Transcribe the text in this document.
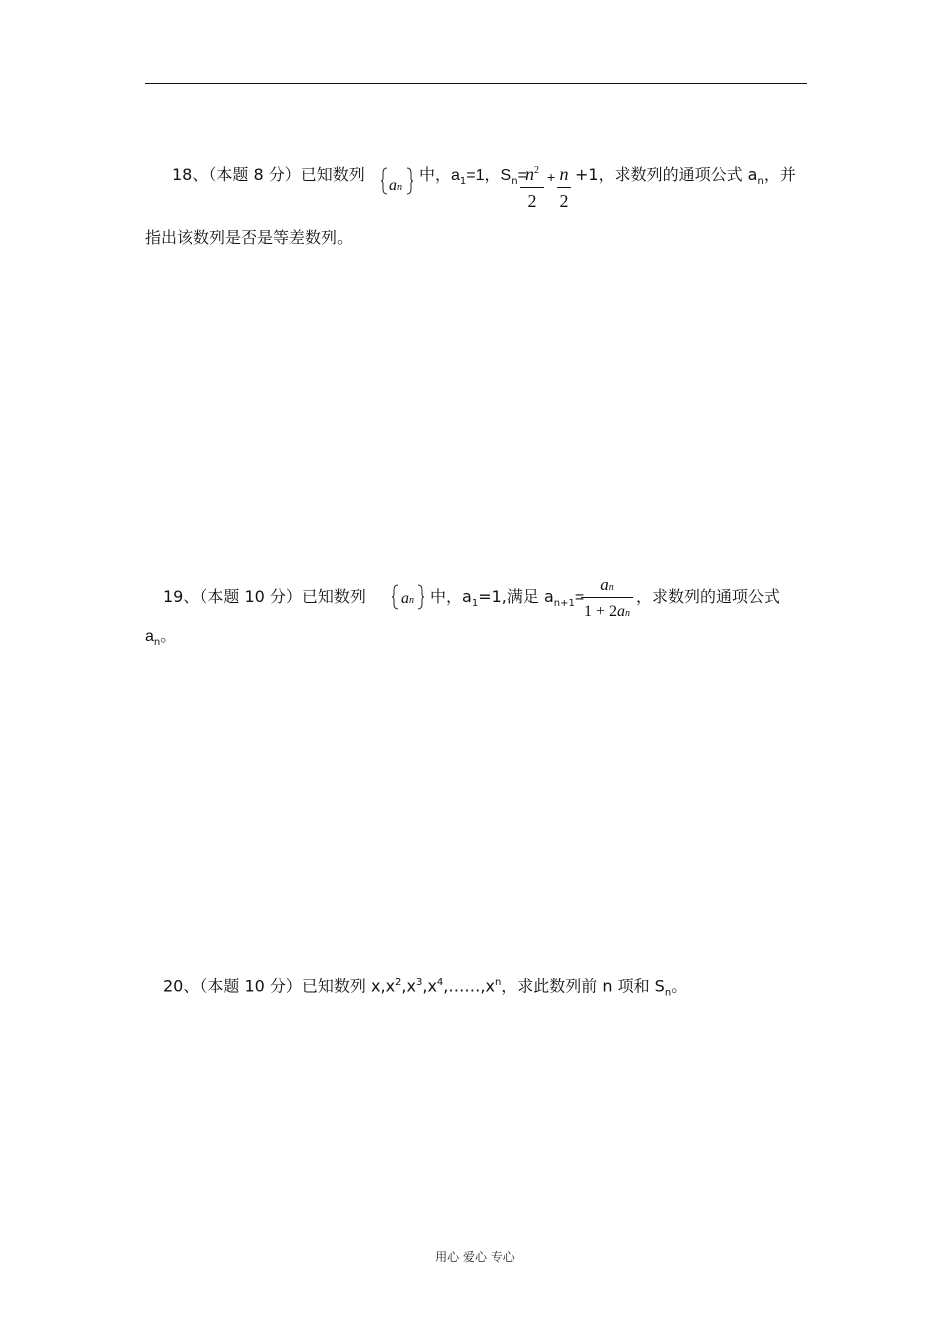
18、（本题 8 分）已知数列
an
中，$a_1=1$，$S_n=$
$n^2$
2
+ n
2
+1，求数列的通项公式 $a_n$，并
指出该数列是否是等差数列。
19、（本题 10 分）已知数列 an 中，$a_1=1$,满足 $a_{n+1}=$
an
1 + 2an
，求数列的通项公式
$a_n$。
20、（本题 10 分）已知数列 $x,x^2,x^3,x^4,\dots\dots,x^n$，求此数列前 n 项和 $S_n$。
用心 爱心 专心
